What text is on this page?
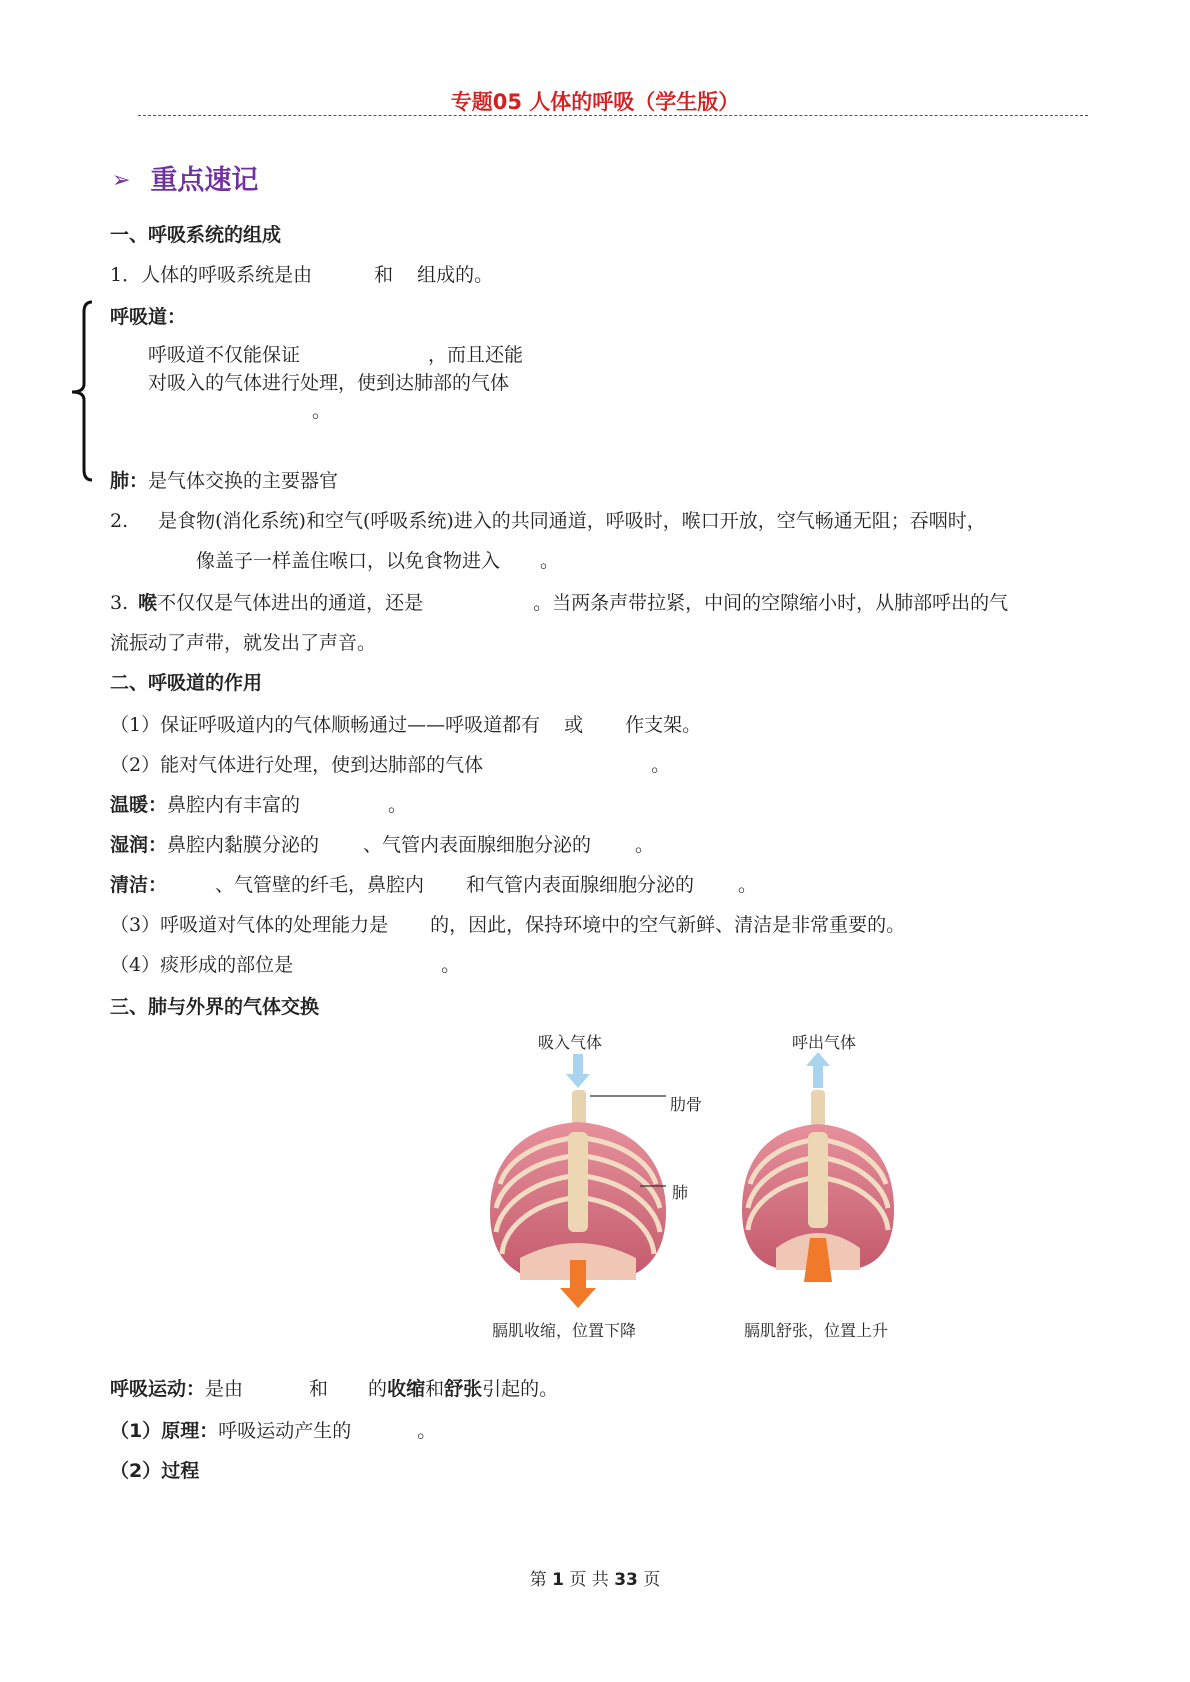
专题05 人体的呼吸（学生版）
➢ 重点速记
一、呼吸系统的组成
1．人体的呼吸系统是由	和 组成的。
呼吸道：
呼吸道不仅能保证	，而且还能
对吸入的气体进行处理，使到达肺部的气体
。
肺：是气体交换的主要器官
2. 是食物(消化系统)和空气(呼吸系统)进入的共同通道，呼吸时，喉口开放，空气畅通无阻；吞咽时，
像盖子一样盖住喉口，以免食物进入 。
3. 喉不仅仅是气体进出的通道，还是	。当两条声带拉紧，中间的空隙缩小时，从肺部呼出的气
流振动了声带，就发出了声音。
二、呼吸道的作用
（1）保证呼吸道内的气体顺畅通过——呼吸道都有 或 作支架。
（2）能对气体进行处理，使到达肺部的气体	。
温暖：鼻腔内有丰富的	。
湿润：鼻腔内黏膜分泌的 、气管内表面腺细胞分泌的 。
清洁：	、气管壁的纤毛，鼻腔内 和气管内表面腺细胞分泌的 。
（3）呼吸道对气体的处理能力是 的，因此，保持环境中的空气新鲜、清洁是非常重要的。
（4）痰形成的部位是	。
三、肺与外界的气体交换
吸入气体	呼出气体
肋骨
肺
膈肌收缩，位置下降	膈肌舒张，位置上升
呼吸运动：是由	和 的收缩和舒张引起的。
（1）原理：呼吸运动产生的	。
（2）过程
第 1 页 共 33 页
